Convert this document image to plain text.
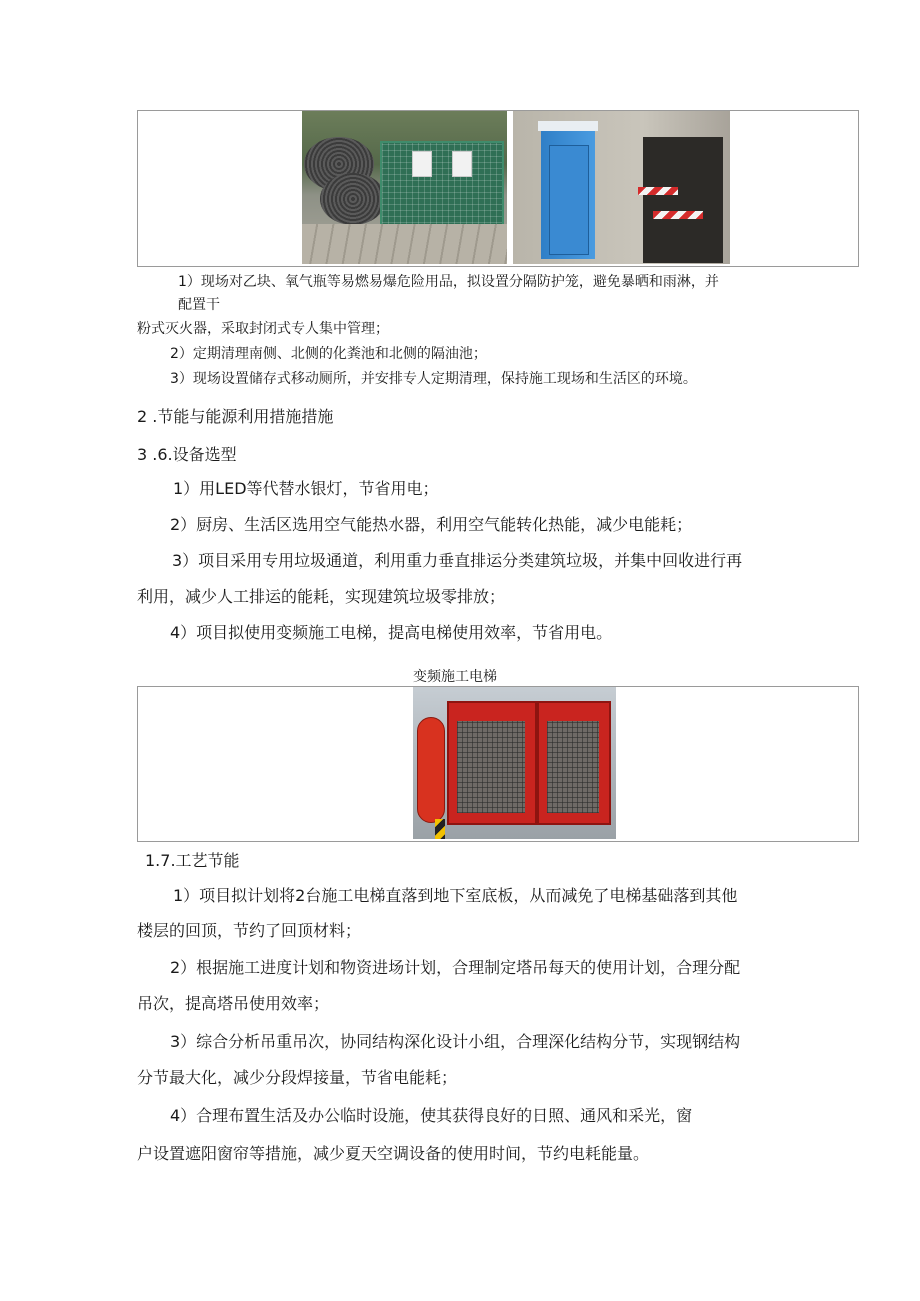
1）现场对乙块、氧气瓶等易燃易爆危险用品，拟设置分隔防护笼，避免暴晒和雨淋，并
配置干
粉式灭火器，采取封闭式专人集中管理；
2）定期清理南侧、北侧的化粪池和北侧的隔油池；
3）现场设置储存式移动厕所，并安排专人定期清理，保持施工现场和生活区的环境。
2 .节能与能源利用措施措施
3 .6.设备选型
1）用LED等代替水银灯，节省用电；
2）厨房、生活区选用空气能热水器，利用空气能转化热能，减少电能耗；
3）项目采用专用垃圾通道，利用重力垂直排运分类建筑垃圾，并集中回收进行再
利用，减少人工排运的能耗，实现建筑垃圾零排放；
4）项目拟使用变频施工电梯，提高电梯使用效率，节省用电。
变频施工电梯
1.7.工艺节能
1）项目拟计划将2台施工电梯直落到地下室底板，从而减免了电梯基础落到其他
楼层的回顶，节约了回顶材料；
2）根据施工进度计划和物资进场计划，合理制定塔吊每天的使用计划，合理分配
吊次，提高塔吊使用效率；
3）综合分析吊重吊次，协同结构深化设计小组，合理深化结构分节，实现钢结构
分节最大化，减少分段焊接量，节省电能耗；
4）合理布置生活及办公临时设施，使其获得良好的日照、通风和采光，窗
户设置遮阳窗帘等措施，减少夏天空调设备的使用时间，节约电耗能量。
